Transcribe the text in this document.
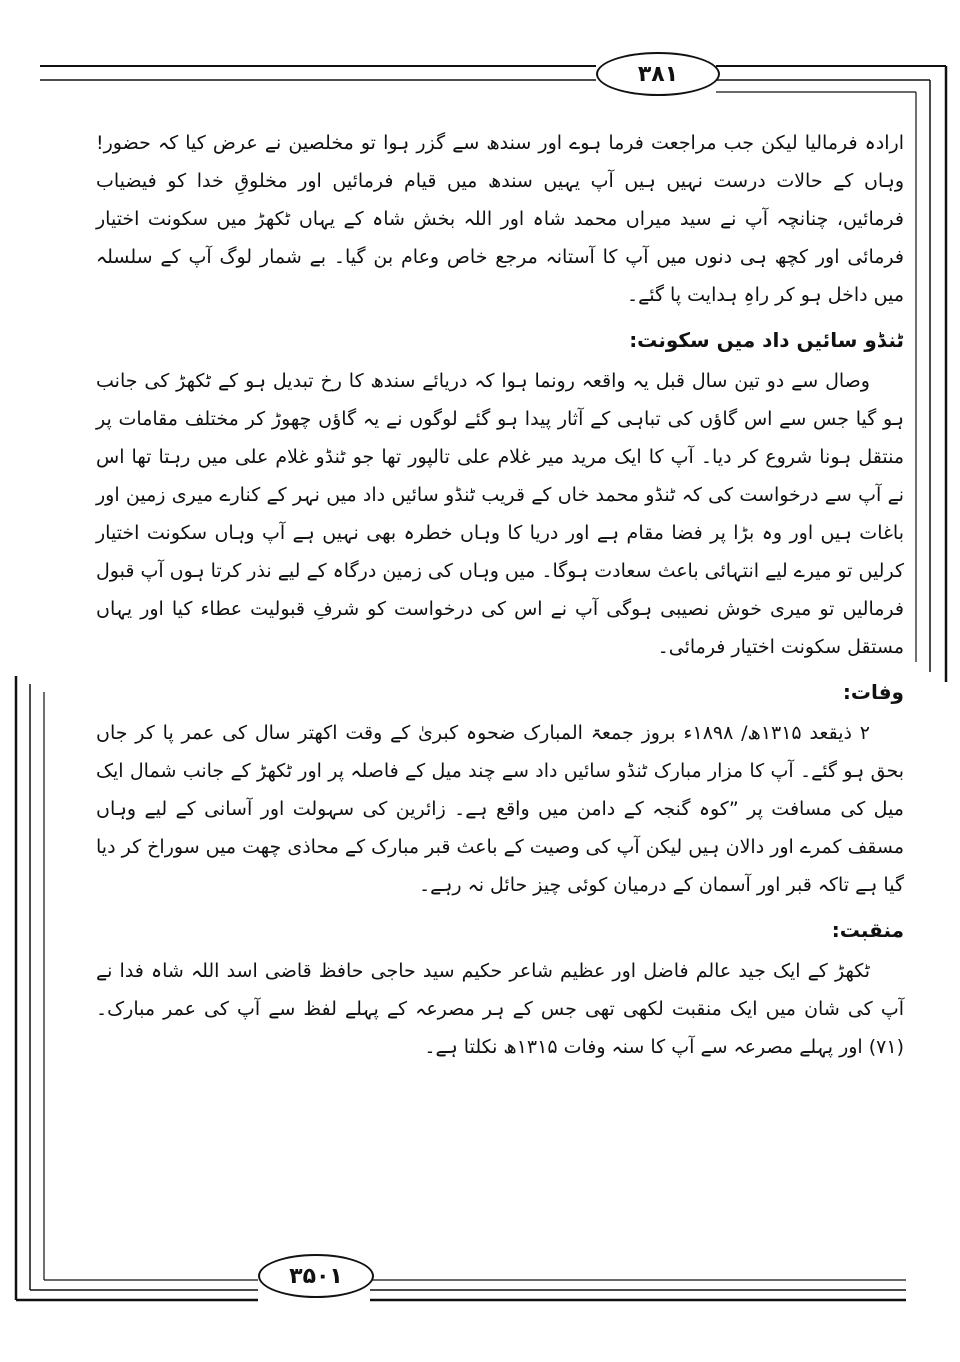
۳۸۱
۳۵۰۱

ارادہ فرمالیا لیکن جب مراجعت فرما ہوے اور سندھ سے گزر ہوا تو مخلصین نے عرض کیا کہ حضور! وہاں کے حالات درست نہیں ہیں آپ یہیں سندھ میں قیام فرمائیں اور مخلوقِ خدا کو فیضیاب فرمائیں، چنانچہ آپ نے سید میراں محمد شاہ اور اللہ بخش شاہ کے یہاں ٹکھڑ میں سکونت اختیار فرمائی اور کچھ ہی دنوں میں آپ کا آستانہ مرجع خاص وعام بن گیا۔ بے شمار لوگ آپ کے سلسلہ میں داخل ہو کر راہِ ہدایت پا گئے۔

ٹنڈو سائیں داد میں سکونت:

وصال سے دو تین سال قبل یہ واقعہ رونما ہوا کہ دریائے سندھ کا رخ تبدیل ہو کے ٹکھڑ کی جانب ہو گیا جس سے اس گاؤں کی تباہی کے آثار پیدا ہو گئے لوگوں نے یہ گاؤں چھوڑ کر مختلف مقامات پر منتقل ہونا شروع کر دیا۔ آپ کا ایک مرید میر غلام علی تالپور تھا جو ٹنڈو غلام علی میں رہتا تھا اس نے آپ سے درخواست کی کہ ٹنڈو محمد خاں کے قریب ٹنڈو سائیں داد میں نہر کے کنارے میری زمین اور باغات ہیں اور وہ بڑا پر فضا مقام ہے اور دریا کا وہاں خطرہ بھی نہیں ہے آپ وہاں سکونت اختیار کرلیں تو میرے لیے انتہائی باعث سعادت ہوگا۔ میں وہاں کی زمین درگاہ کے لیے نذر کرتا ہوں آپ قبول فرمالیں تو میری خوش نصیبی ہوگی آپ نے اس کی درخواست کو شرفِ قبولیت عطاء کیا اور یہاں مستقل سکونت اختیار فرمائی۔

وفات:

۲ ذیقعد ۱۳۱۵ھ/ ۱۸۹۸ء بروز جمعۃ المبارک ضحوہ کبریٰ کے وقت اکھتر سال کی عمر پا کر جاں بحق ہو گئے۔ آپ کا مزار مبارک ٹنڈو سائیں داد سے چند میل کے فاصلہ پر اور ٹکھڑ کے جانب شمال ایک میل کی مسافت پر ”کوہ گنجہ کے دامن میں واقع ہے۔ زائرین کی سہولت اور آسانی کے لیے وہاں مسقف کمرے اور دالان ہیں لیکن آپ کی وصیت کے باعث قبر مبارک کے محاذی چھت میں سوراخ کر دیا گیا ہے تاکہ قبر اور آسمان کے درمیان کوئی چیز حائل نہ رہے۔

منقبت:

ٹکھڑ کے ایک جید عالم فاضل اور عظیم شاعر حکیم سید حاجی حافظ قاضی اسد اللہ شاہ فدا نے آپ کی شان میں ایک منقبت لکھی تھی جس کے ہر مصرعہ کے پہلے لفظ سے آپ کی عمر مبارک۔ (۷۱) اور پہلے مصرعہ سے آپ کا سنہ وفات ۱۳۱۵ھ نکلتا ہے۔
